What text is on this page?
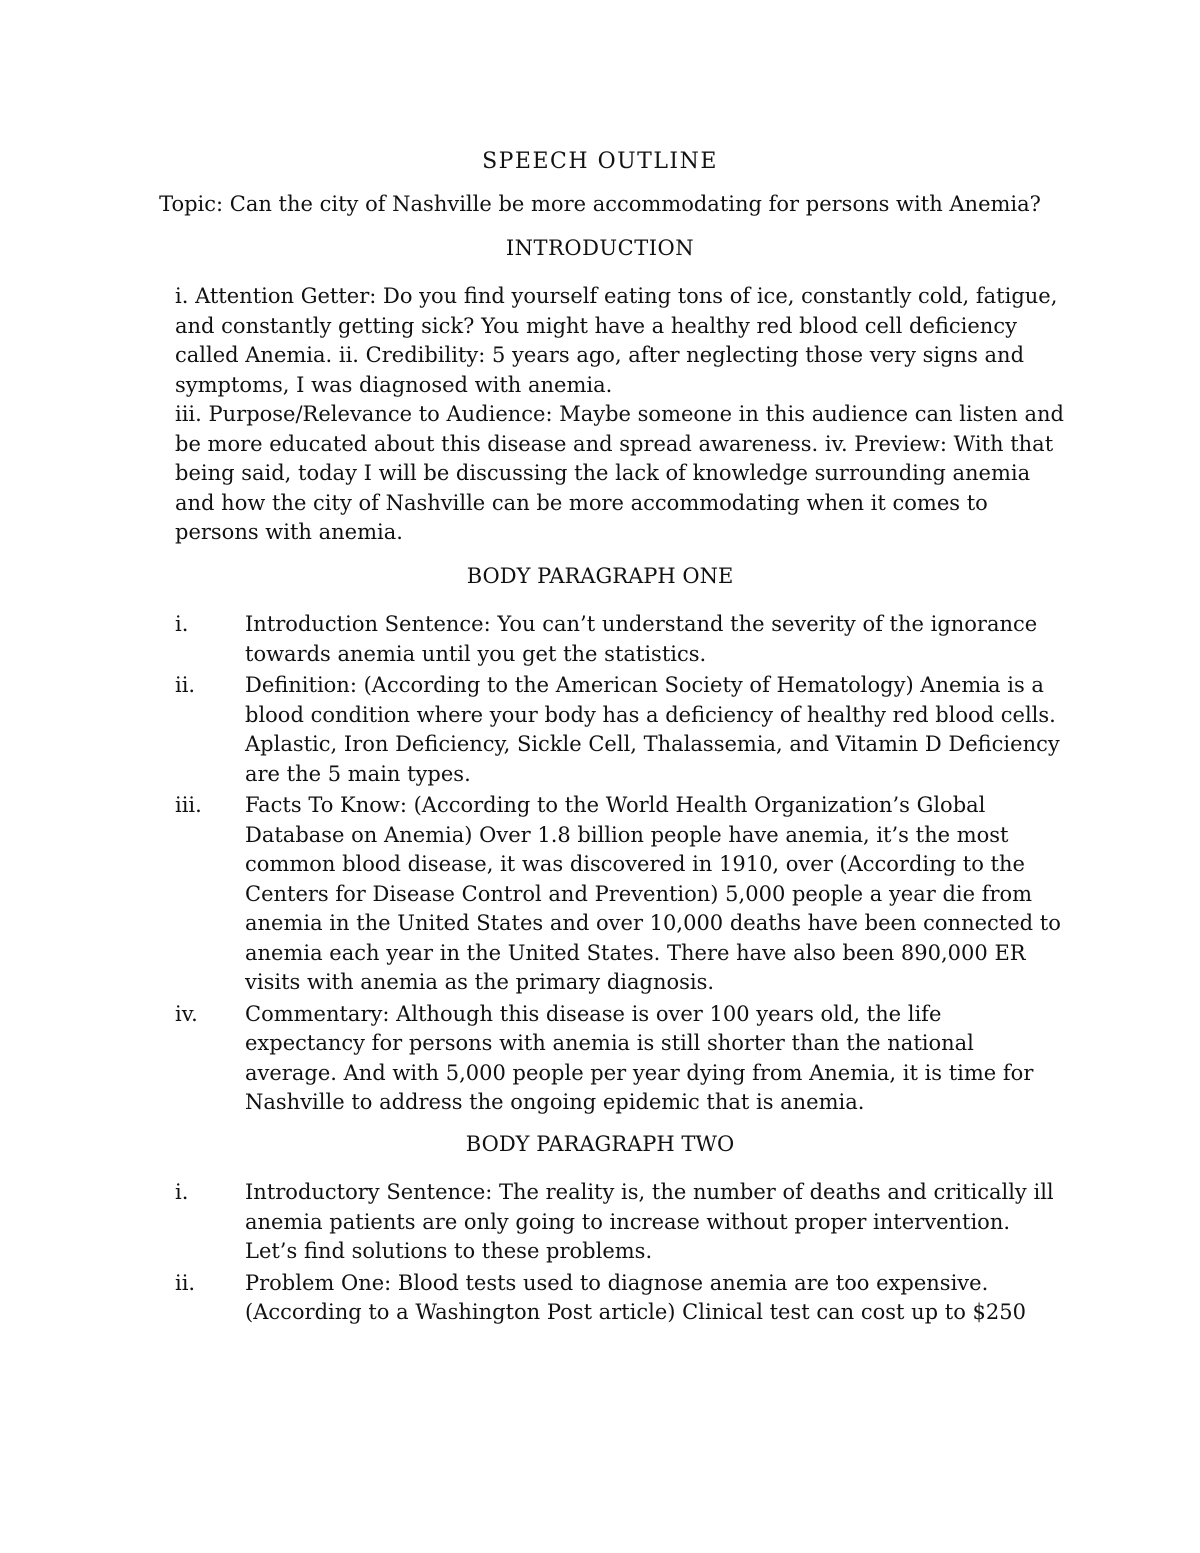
SPEECH OUTLINE
Topic: Can the city of Nashville be more accommodating for persons with Anemia?
INTRODUCTION

i. Attention Getter: Do you find yourself eating tons of ice, constantly cold, fatigue, and constantly getting sick? You might have a healthy red blood cell deficiency called Anemia. ii. Credibility: 5 years ago, after neglecting those very signs and symptoms, I was diagnosed with anemia.

iii. Purpose/Relevance to Audience: Maybe someone in this audience can listen and be more educated about this disease and spread awareness. iv. Preview: With that being said, today I will be discussing the lack of knowledge surrounding anemia and how the city of Nashville can be more accommodating when it comes to persons with anemia.

BODY PARAGRAPH ONE
i.	Introduction Sentence: You can’t understand the severity of the ignorance towards anemia until you get the statistics.
ii.	Definition: (According to the American Society of Hematology) Anemia is a blood condition where your body has a deficiency of healthy red blood cells. Aplastic, Iron Deficiency, Sickle Cell, Thalassemia, and Vitamin D Deficiency are the 5 main types.
iii.	Facts To Know: (According to the World Health Organization’s Global Database on Anemia) Over 1.8 billion people have anemia, it’s the most common blood disease, it was discovered in 1910, over (According to the Centers for Disease Control and Prevention) 5,000 people a year die from anemia in the United States and over 10,000 deaths have been connected to anemia each year in the United States. There have also been 890,000 ER visits with anemia as the primary diagnosis.
iv.	Commentary: Although this disease is over 100 years old, the life expectancy for persons with anemia is still shorter than the national average. And with 5,000 people per year dying from Anemia, it is time for Nashville to address the ongoing epidemic that is anemia.
BODY PARAGRAPH TWO
i.	Introductory Sentence: The reality is, the number of deaths and critically ill anemia patients are only going to increase without proper intervention. Let’s find solutions to these problems.
ii.	Problem One: Blood tests used to diagnose anemia are too expensive. (According to a Washington Post article) Clinical test can cost up to $250
